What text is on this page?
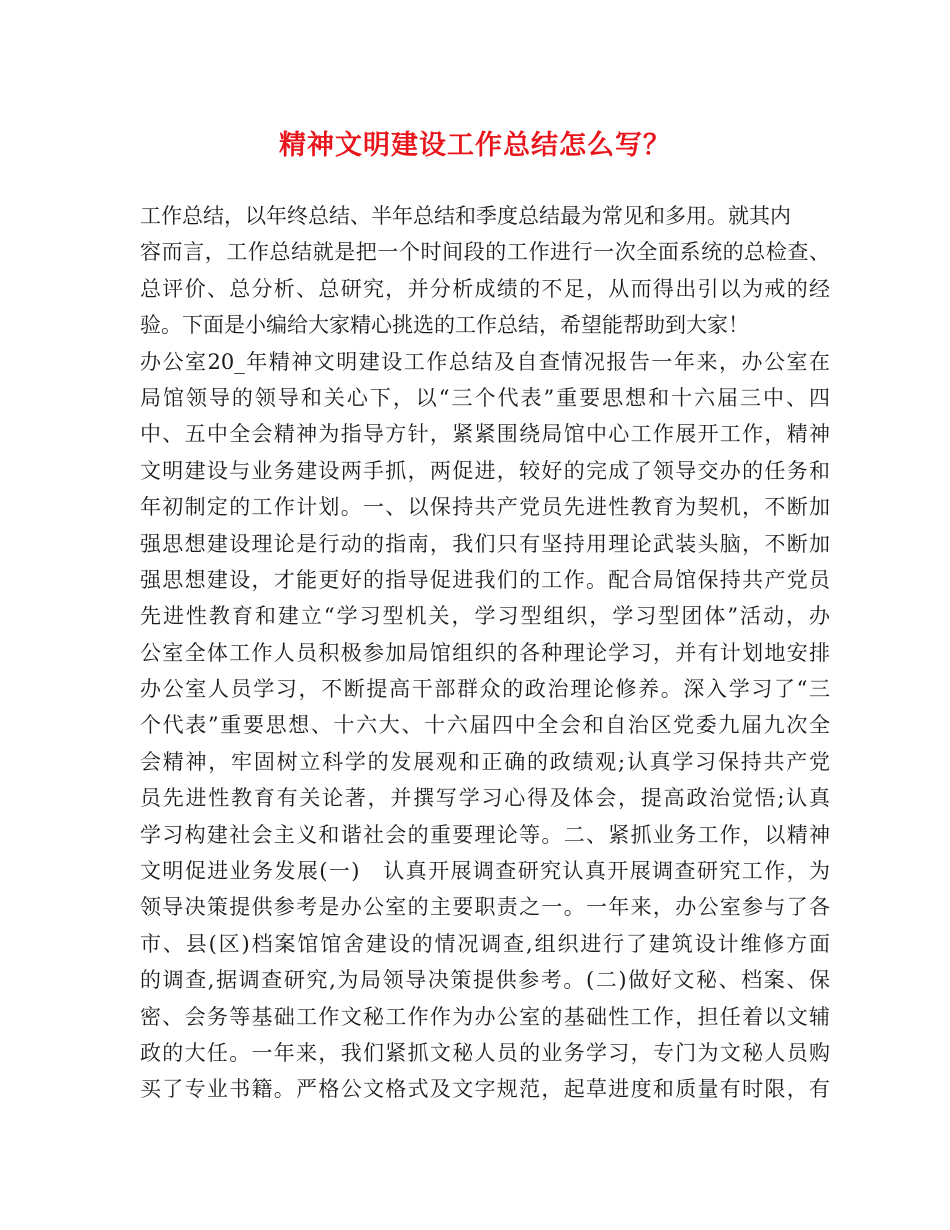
精神文明建设工作总结怎么写？
工作总结，以年终总结、半年总结和季度总结最为常见和多用。就其内
容而言，工作总结就是把一个时间段的工作进行一次全面系统的总检查、
总评价、总分析、总研究，并分析成绩的不足，从而得出引以为戒的经
验。下面是小编给大家精心挑选的工作总结，希望能帮助到大家！
办公室20_年精神文明建设工作总结及自查情况报告一年来，办公室在
局馆领导的领导和关心下，以“三个代表”重要思想和十六届三中、四
中、五中全会精神为指导方针，紧紧围绕局馆中心工作展开工作，精神
文明建设与业务建设两手抓，两促进，较好的完成了领导交办的任务和
年初制定的工作计划。一、以保持共产党员先进性教育为契机，不断加
强思想建设理论是行动的指南，我们只有坚持用理论武装头脑，不断加
强思想建设，才能更好的指导促进我们的工作。配合局馆保持共产党员
先进性教育和建立“学习型机关，学习型组织，学习型团体”活动，办
公室全体工作人员积极参加局馆组织的各种理论学习，并有计划地安排
办公室人员学习，不断提高干部群众的政治理论修养。深入学习了“三
个代表”重要思想、十六大、十六届四中全会和自治区党委九届九次全
会精神，牢固树立科学的发展观和正确的政绩观;认真学习保持共产党
员先进性教育有关论著，并撰写学习心得及体会，提高政治觉悟;认真
学习构建社会主义和谐社会的重要理论等。二、紧抓业务工作，以精神
文明促进业务发展(一)　认真开展调查研究认真开展调查研究工作，为
领导决策提供参考是办公室的主要职责之一。一年来，办公室参与了各
市、县(区)档案馆馆舍建设的情况调查,组织进行了建筑设计维修方面
的调查,据调查研究,为局领导决策提供参考。(二)做好文秘、档案、保
密、会务等基础工作文秘工作作为办公室的基础性工作，担任着以文辅
政的大任。一年来，我们紧抓文秘人员的业务学习，专门为文秘人员购
买了专业书籍。严格公文格式及文字规范，起草进度和质量有时限，有
